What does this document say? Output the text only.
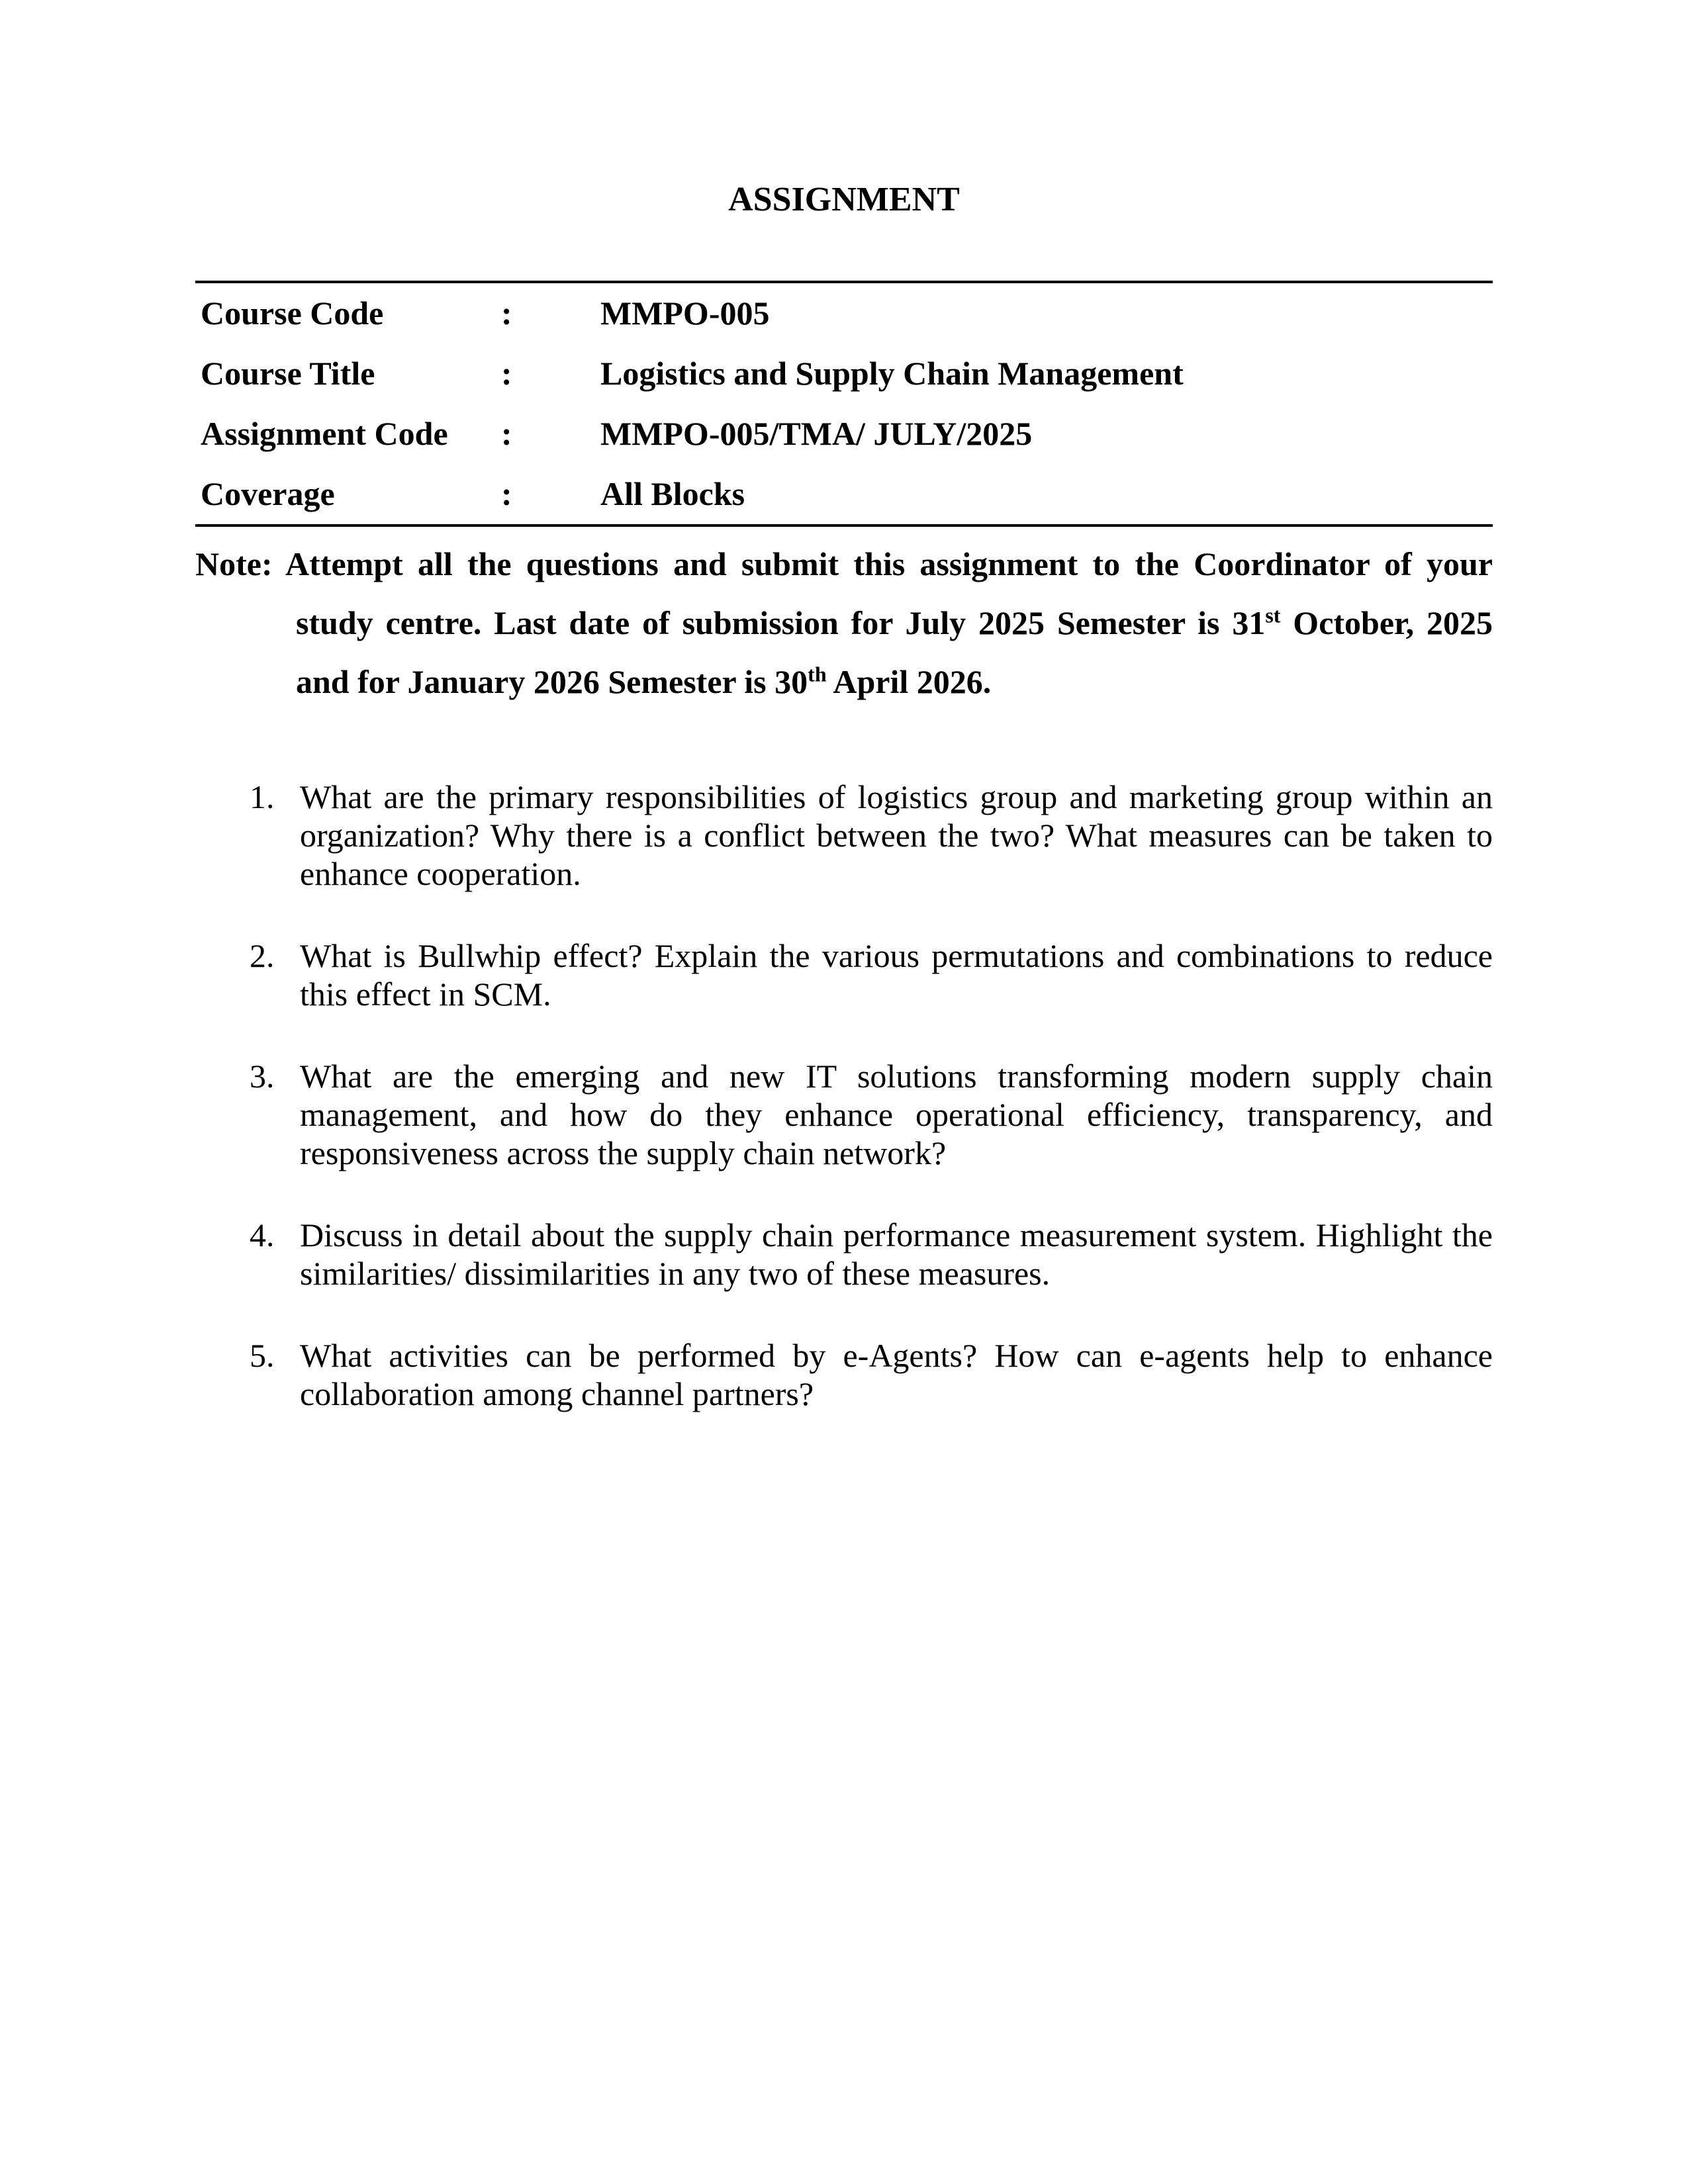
ASSIGNMENT
Course Code	:	MMPO-005
Course Title	:	Logistics and Supply Chain Management
Assignment Code	:	MMPO-005/TMA/ JULY/2025
Coverage	:	All Blocks

Note: Attempt all the questions and submit this assignment to the Coordinator of your study centre. Last date of submission for July 2025 Semester is 31st October, 2025 and for January 2026 Semester is 30th April 2026.

1. What are the primary responsibilities of logistics group and marketing group within an organization? Why there is a conflict between the two? What measures can be taken to enhance cooperation.
2. What is Bullwhip effect? Explain the various permutations and combinations to reduce this effect in SCM.
3. What are the emerging and new IT solutions transforming modern supply chain management, and how do they enhance operational efficiency, transparency, and responsiveness across the supply chain network?
4. Discuss in detail about the supply chain performance measurement system. Highlight the similarities/ dissimilarities in any two of these measures.
5. What activities can be performed by e-Agents? How can e-agents help to enhance collaboration among channel partners?
